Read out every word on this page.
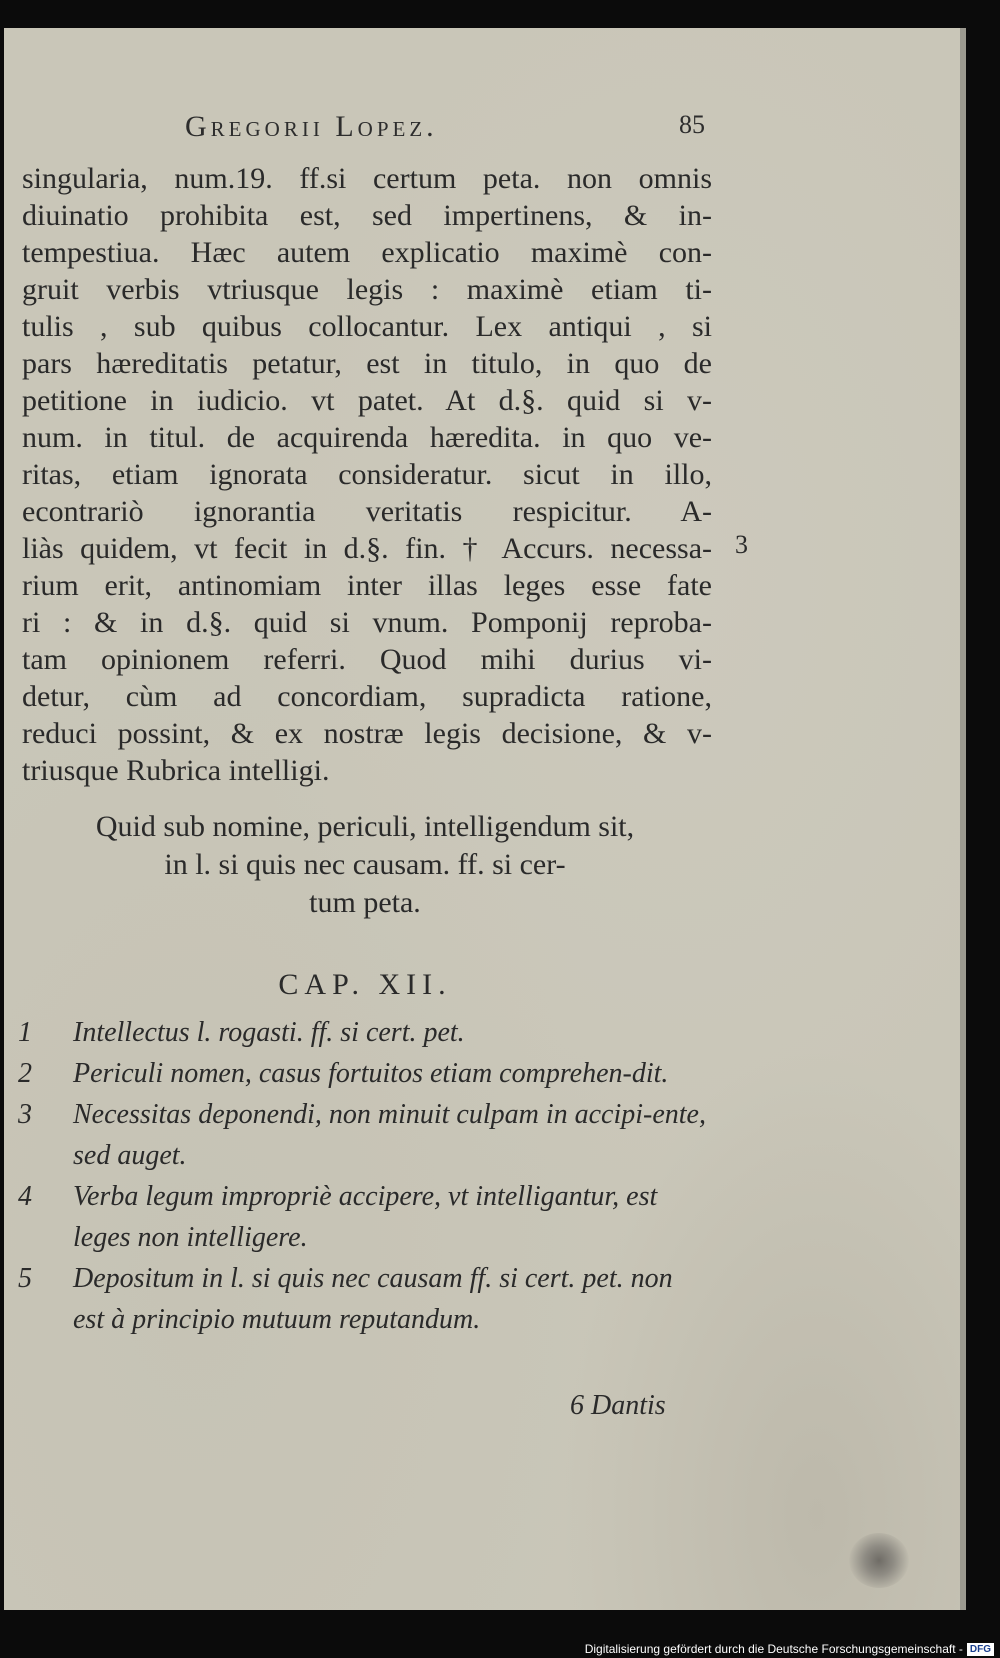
Gregorii Lopez.	85

singularia, num.19. ff.si certum peta. non omnis
diuinatio prohibita est, sed impertinens, & in-
tempestiua. Hæc autem explicatio maximè con-
gruit verbis vtriusque legis : maximè etiam ti-
tulis , sub quibus collocantur. Lex antiqui , si
pars hæreditatis petatur, est in titulo, in quo de
petitione in iudicio. vt patet. At d.§. quid si v-
num. in titul. de acquirenda hæredita. in quo ve-
ritas, etiam ignorata consideratur. sicut in illo,
econtrariò ignorantia veritatis respicitur. A-
liàs quidem, vt fecit in d.§. fin. † Accurs. necessa-
rium erit, antinomiam inter illas leges esse fate
ri : & in d.§. quid si vnum. Pomponij reproba-
tam opinionem referri. Quod mihi durius vi-
detur, cùm ad concordiam, supradicta ratione,
reduci possint, & ex nostræ legis decisione, & v-
triusque Rubrica intelligi.

3

Quid sub nomine, periculi, intelligendum sit,
in l. si quis nec causam. ff. si cer-
tum peta.

CAP. XII.

1 Intellectus l. rogasti. ff. si cert. pet.
2 Periculi nomen, casus fortuitos etiam comprehen-dit.
3 Necessitas deponendi, non minuit culpam in accipi-ente, sed auget.
4 Verba legum impropriè accipere, vt intelligantur, est leges non intelligere.
5 Depositum in l. si quis nec causam ff. si cert. pet. non est à principio mutuum reputandum.
6 Dantis
Digitalisierung gefördert durch die Deutsche Forschungsgemeinschaft - DFG
